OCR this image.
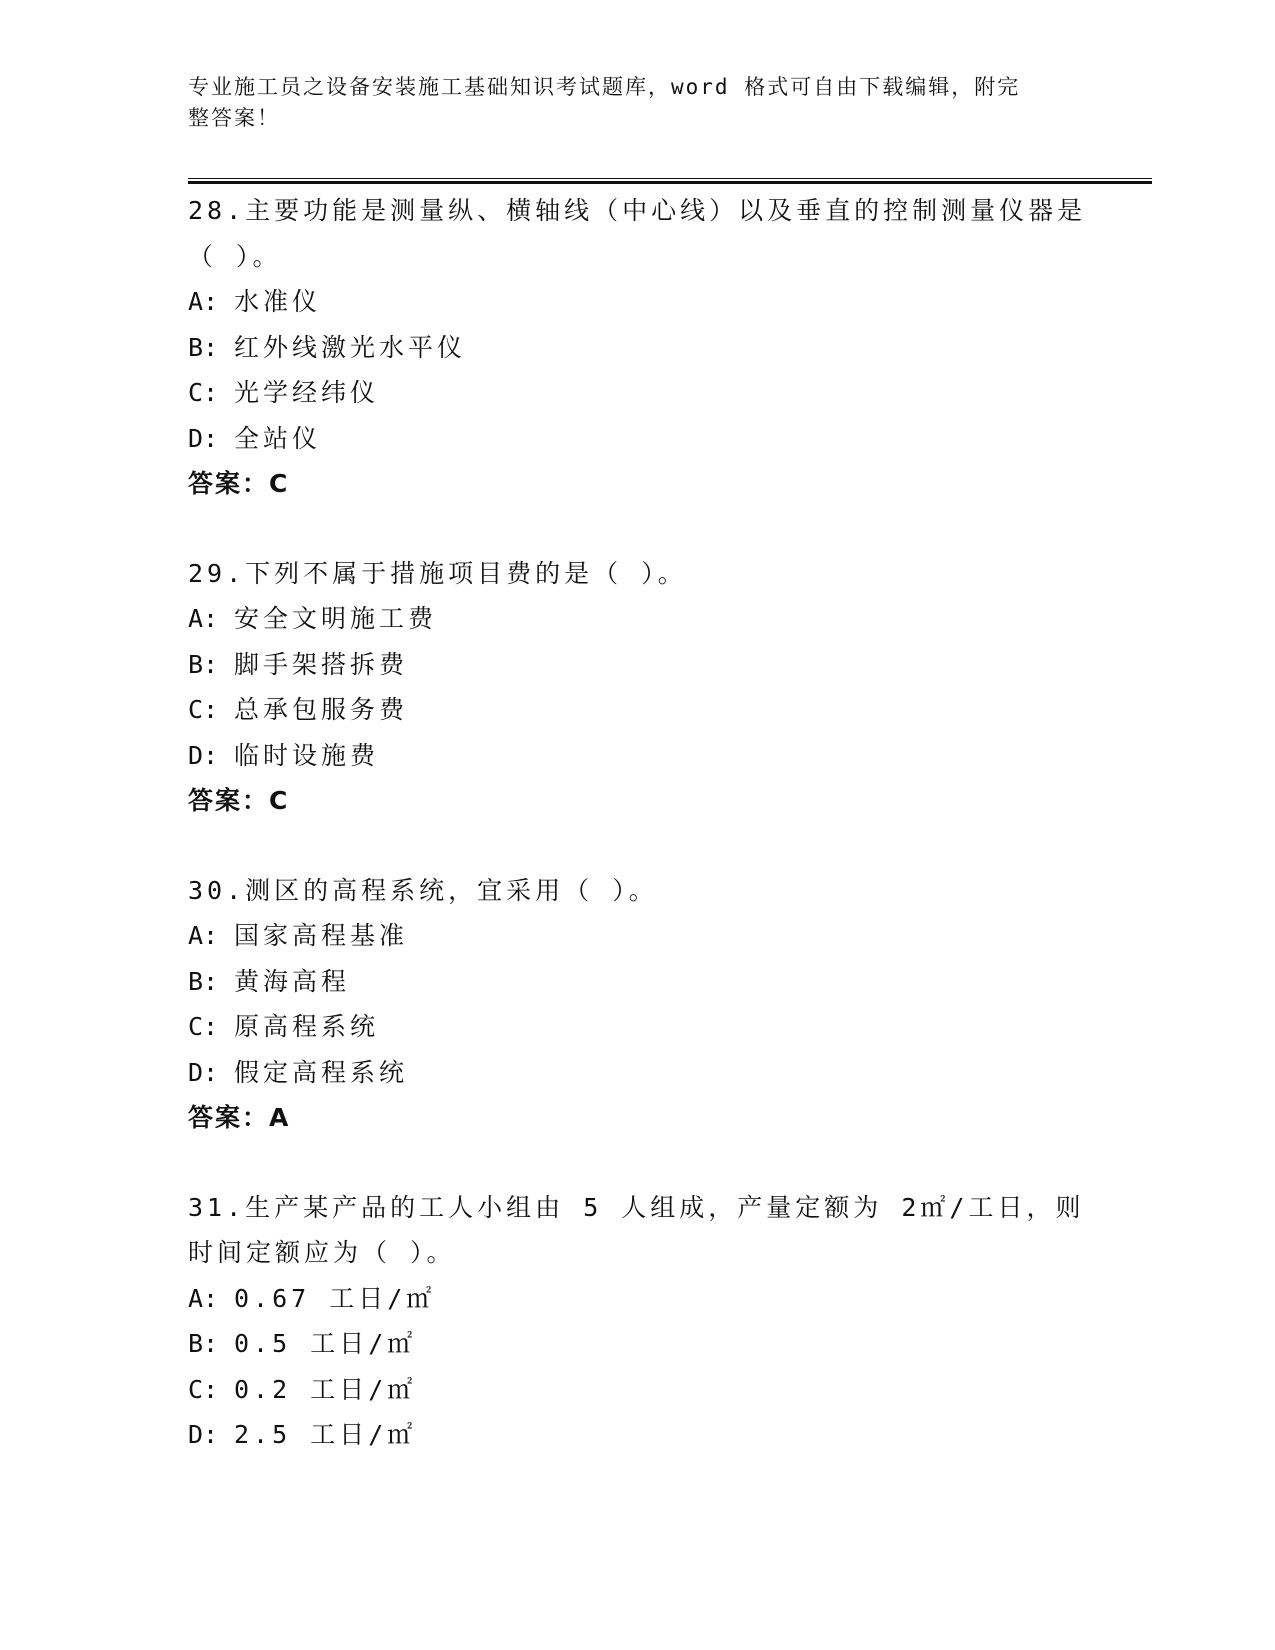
专业施工员之设备安装施工基础知识考试题库，word 格式可自由下载编辑，附完
整答案！

28.主要功能是测量纵、横轴线（中心线）以及垂直的控制测量仪器是（ ）。

A: 水准仪

B: 红外线激光水平仪

C: 光学经纬仪

D: 全站仪

答案：C

29.下列不属于措施项目费的是（ ）。

A: 安全文明施工费

B: 脚手架搭拆费

C: 总承包服务费

D: 临时设施费

答案：C

30.测区的高程系统，宜采用（ ）。

A: 国家高程基准

B: 黄海高程

C: 原高程系统

D: 假定高程系统

答案：A

31.生产某产品的工人小组由 5 人组成，产量定额为 2㎡/工日，则时间定额应为（ ）。

A: 0.67 工日/㎡

B: 0.5 工日/㎡

C: 0.2 工日/㎡

D: 2.5 工日/㎡
